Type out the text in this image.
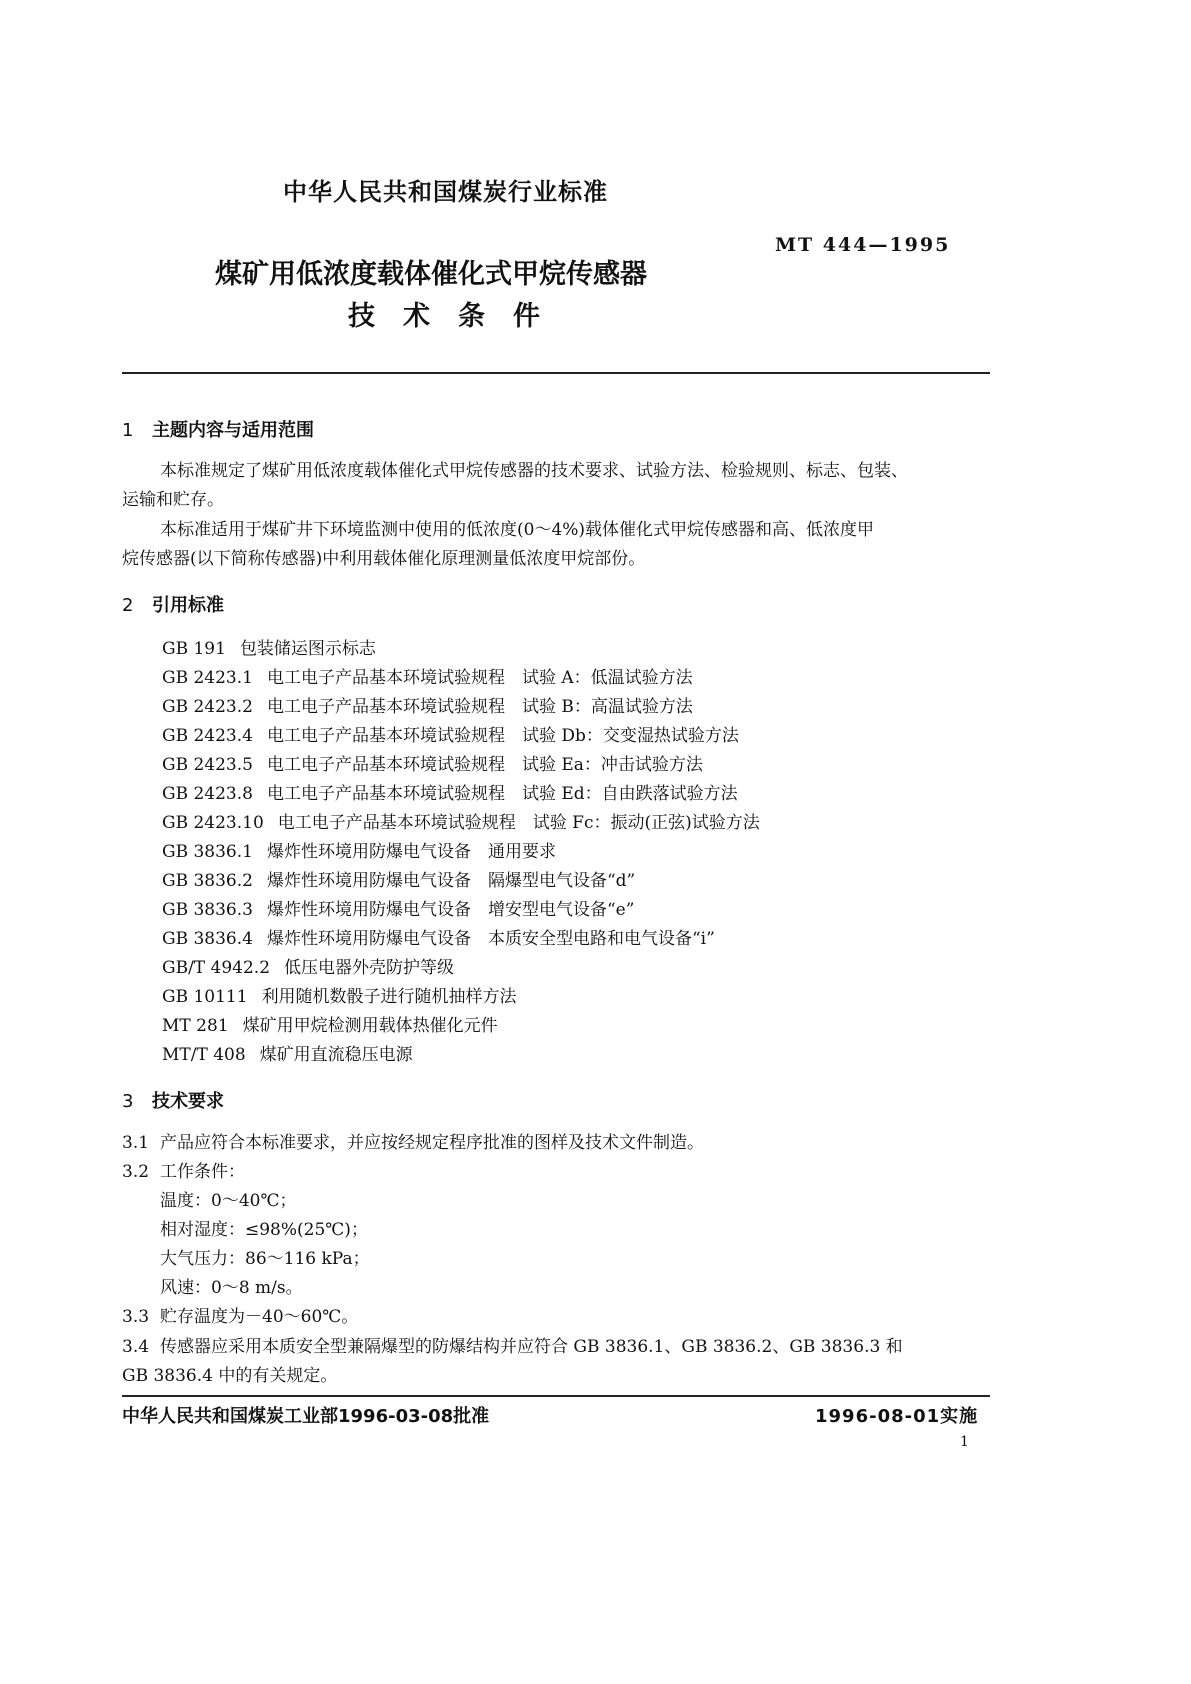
中华人民共和国煤炭行业标准
MT 444—1995
煤矿用低浓度载体催化式甲烷传感器
技术条件
1 主题内容与适用范围
本标准规定了煤矿用低浓度载体催化式甲烷传感器的技术要求、试验方法、检验规则、标志、包装、
运输和贮存。
本标准适用于煤矿井下环境监测中使用的低浓度(0～4%)载体催化式甲烷传感器和高、低浓度甲
烷传感器(以下简称传感器)中利用载体催化原理测量低浓度甲烷部份。
2 引用标准
GB 191 包装储运图示标志
GB 2423.1 电工电子产品基本环境试验规程　试验 A：低温试验方法
GB 2423.2 电工电子产品基本环境试验规程　试验 B：高温试验方法
GB 2423.4 电工电子产品基本环境试验规程　试验 Db：交变湿热试验方法
GB 2423.5 电工电子产品基本环境试验规程　试验 Ea：冲击试验方法
GB 2423.8 电工电子产品基本环境试验规程　试验 Ed：自由跌落试验方法
GB 2423.10 电工电子产品基本环境试验规程　试验 Fc：振动(正弦)试验方法
GB 3836.1 爆炸性环境用防爆电气设备　通用要求
GB 3836.2 爆炸性环境用防爆电气设备　隔爆型电气设备“d”
GB 3836.3 爆炸性环境用防爆电气设备　增安型电气设备“e”
GB 3836.4 爆炸性环境用防爆电气设备　本质安全型电路和电气设备“i”
GB/T 4942.2 低压电器外壳防护等级
GB 10111 利用随机数骰子进行随机抽样方法
MT 281 煤矿用甲烷检测用载体热催化元件
MT/T 408 煤矿用直流稳压电源
3 技术要求
3.1 产品应符合本标准要求，并应按经规定程序批准的图样及技术文件制造。
3.2 工作条件：
温度：0～40℃；
相对湿度：≤98%(25℃)；
大气压力：86～116 kPa；
风速：0～8 m/s。
3.3 贮存温度为－40～60℃。
3.4 传感器应采用本质安全型兼隔爆型的防爆结构并应符合 GB 3836.1、GB 3836.2、GB 3836.3 和
GB 3836.4 中的有关规定。
中华人民共和国煤炭工业部1996-03-08批准	1996-08-01实施
1
